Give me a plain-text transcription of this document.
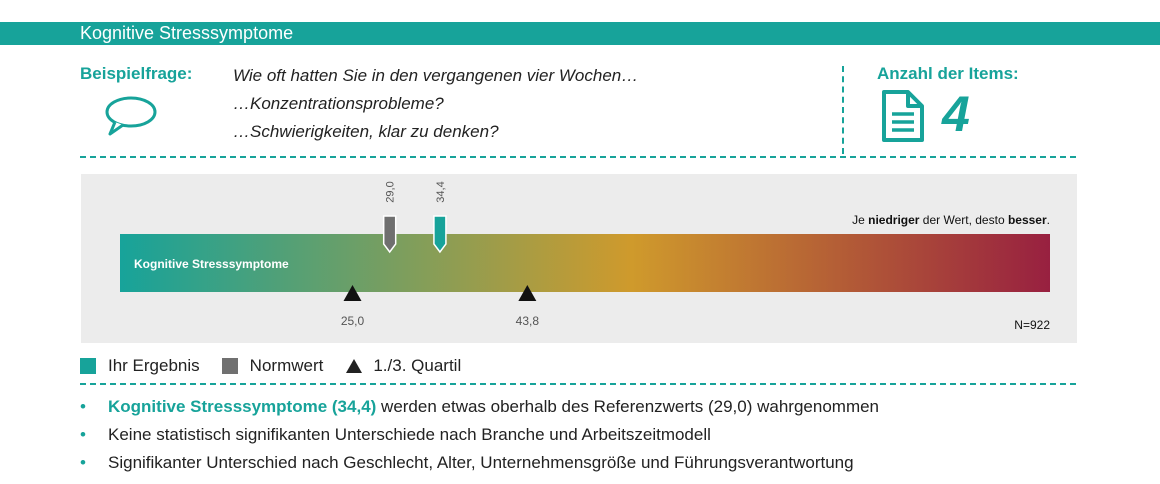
Kognitive Stresssymptome
Beispielfrage: Wie oft hatten Sie in den vergangenen vier Wochen…
…Konzentrationsprobleme?
…Schwierigkeiten, klar zu denken?
Anzahl der Items:
4
Kognitive Stresssymptome
29,0	34,4
25,0	43,8
Je niedriger der Wert, desto besser.
N=922
Ihr Ergebnis	Normwert	1./3. Quartil
• Kognitive Stresssymptome (34,4) werden etwas oberhalb des Referenzwerts (29,0) wahrgenommen
• Keine statistisch signifikanten Unterschiede nach Branche und Arbeitszeitmodell
• Signifikanter Unterschied nach Geschlecht, Alter, Unternehmensgröße und Führungsverantwortung
